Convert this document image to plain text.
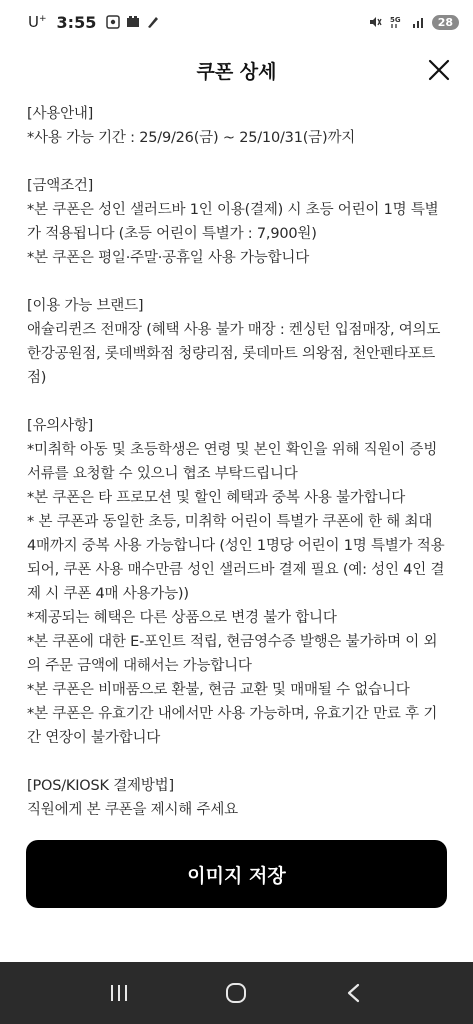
U+ 3:55	5G	28
쿠폰 상세
[사용안내]
*사용 가능 기간 : 25/9/26(금) ~ 25/10/31(금)까지
[금액조건]
*본 쿠폰은 성인 샐러드바 1인 이용(결제) 시 초등 어린이 1명 특별
가 적용됩니다 (초등 어린이 특별가 : 7,900원)
*본 쿠폰은 평일·주말·공휴일 사용 가능합니다
[이용 가능 브랜드]
애슐리퀸즈 전매장 (혜택 사용 불가 매장 : 켄싱턴 입점매장, 여의도
한강공원점, 롯데백화점 청량리점, 롯데마트 의왕점, 천안펜타포트
점)
[유의사항]
*미취학 아동 및 초등학생은 연령 및 본인 확인을 위해 직원이 증빙
서류를 요청할 수 있으니 협조 부탁드립니다
*본 쿠폰은 타 프로모션 및 할인 혜택과 중복 사용 불가합니다
* 본 쿠폰과 동일한 초등, 미취학 어린이 특별가 쿠폰에 한 해 최대
4매까지 중복 사용 가능합니다 (성인 1명당 어린이 1명 특별가 적용
되어, 쿠폰 사용 매수만큼 성인 샐러드바 결제 필요 (예: 성인 4인 결
제 시 쿠폰 4매 사용가능))
*제공되는 혜택은 다른 상품으로 변경 불가 합니다
*본 쿠폰에 대한 E-포인트 적립, 현금영수증 발행은 불가하며 이 외
의 주문 금액에 대해서는 가능합니다
*본 쿠폰은 비매품으로 환불, 현금 교환 및 매매될 수 없습니다
*본 쿠폰은 유효기간 내에서만 사용 가능하며, 유효기간 만료 후 기
간 연장이 불가합니다
[POS/KIOSK 결제방법]
직원에게 본 쿠폰을 제시해 주세요
이미지 저장
